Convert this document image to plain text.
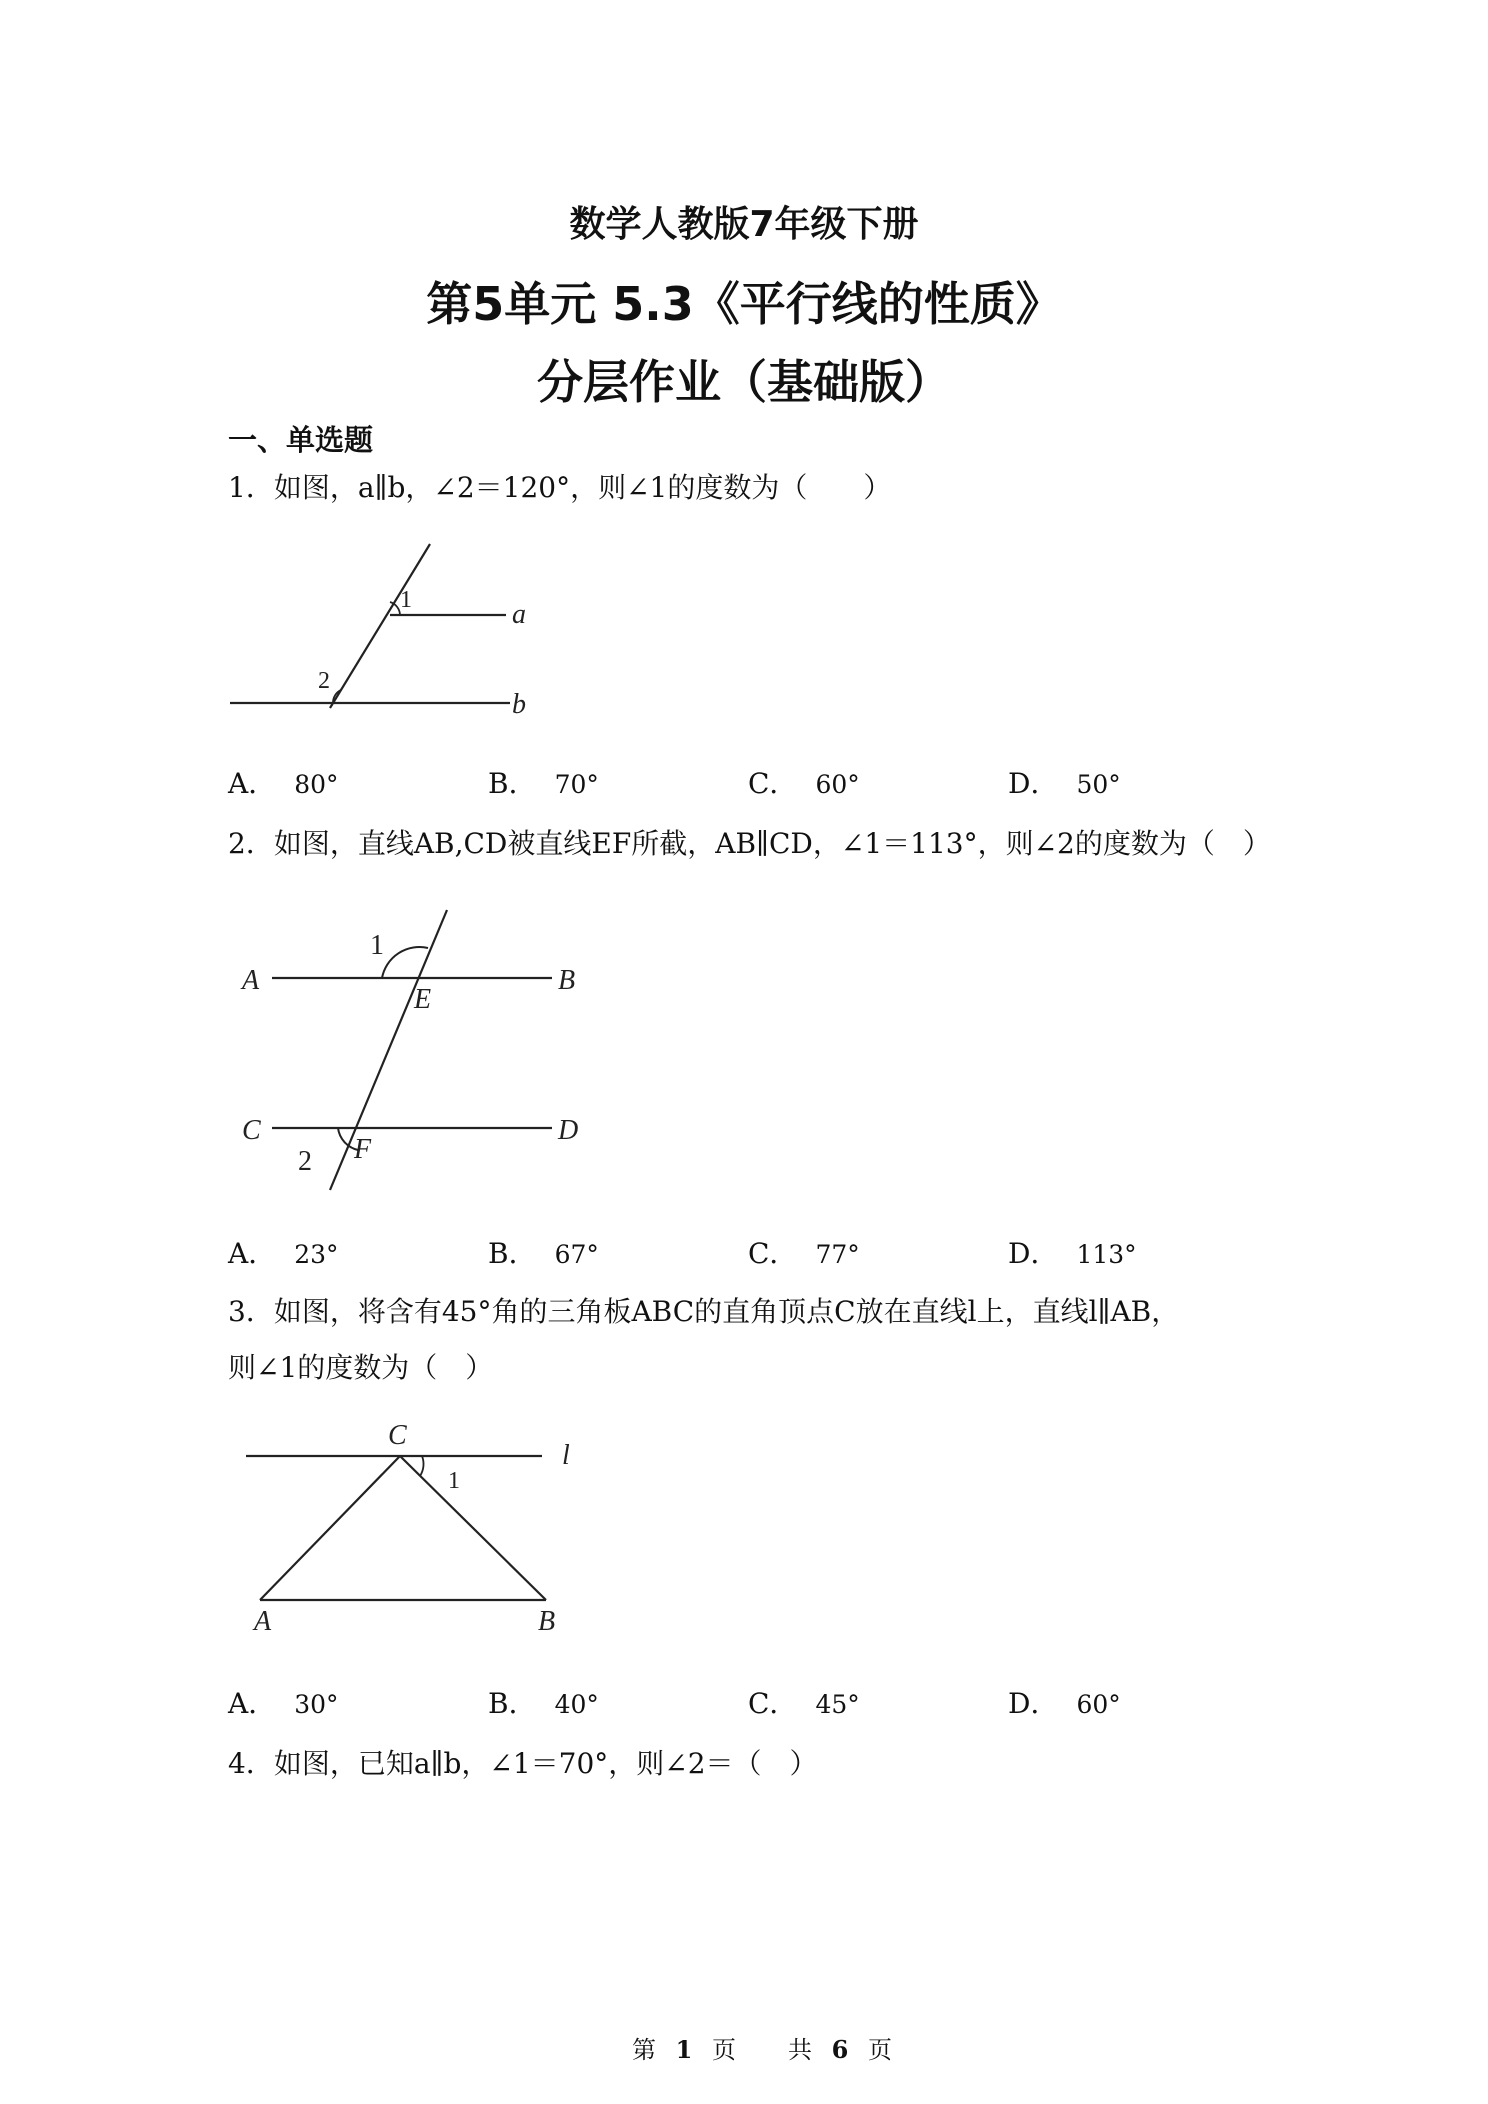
数学人教版7年级下册
第5单元 5.3《平行线的性质》
分层作业（基础版）
一、单选题
1．如图，a∥b，∠2＝120°，则∠1的度数为（　　）
1
2
a
b
A． 80°	B． 70°	C． 60°	D． 50°
2．如图，直线AB,CD被直线EF所截，AB∥CD，∠1＝113°，则∠2的度数为（　）
A	B
C	D
E
F
1
2
A． 23°	B． 67°	C． 77°	D． 113°
3．如图，将含有45°角的三角板ABC的直角顶点C放在直线l上，直线l∥AB，
则∠1的度数为（　）
C
l
A	B
1
A． 30°	B． 40°	C． 45°	D． 60°
4．如图，已知a∥b，∠1＝70°，则∠2＝（　）
第 1 页 共 6 页
